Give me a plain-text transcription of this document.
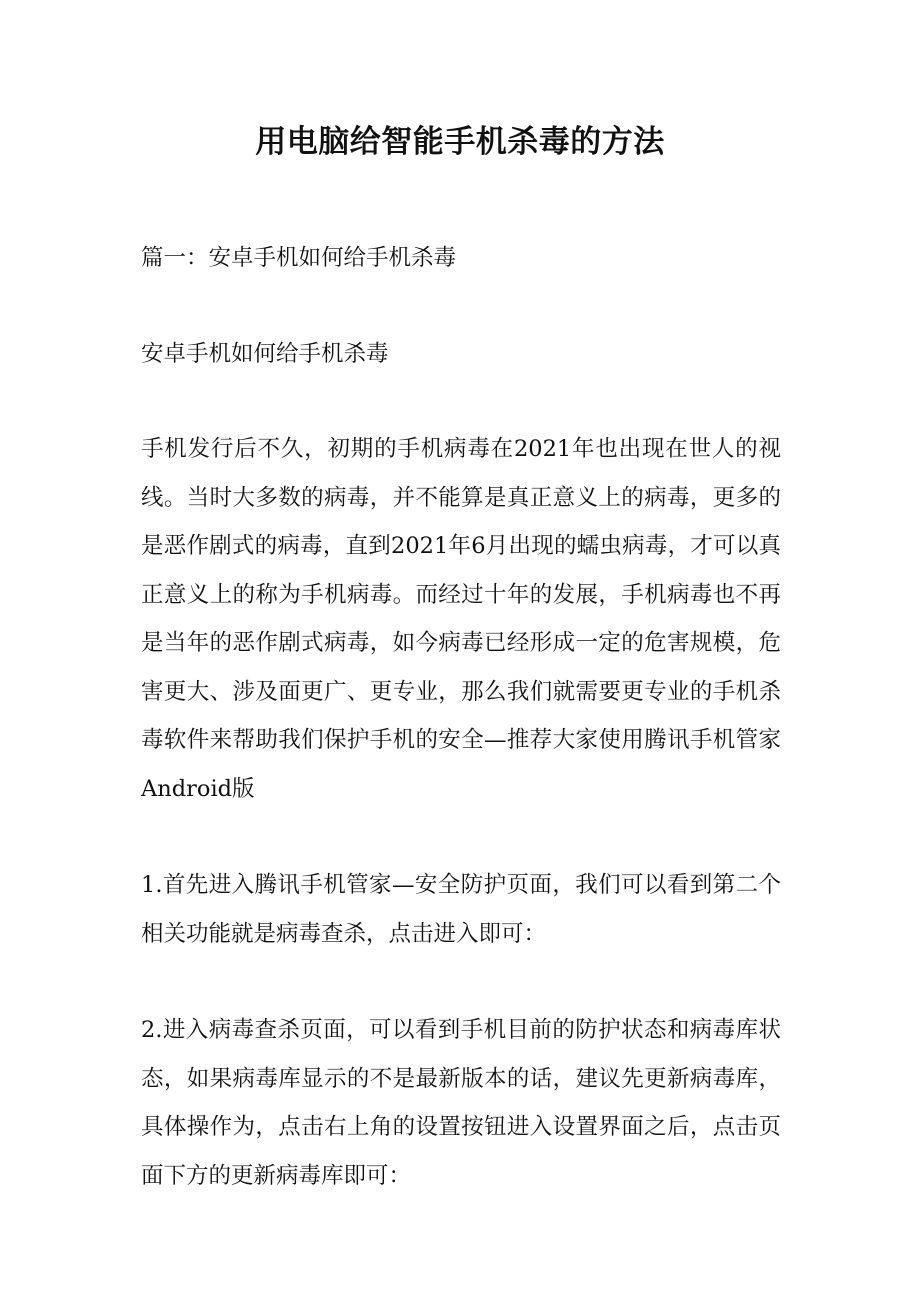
用电脑给智能手机杀毒的方法

篇一：安卓手机如何给手机杀毒

安卓手机如何给手机杀毒

手机发行后不久，初期的手机病毒在2021年也出现在世人的视线。当时大多数的病毒，并不能算是真正意义上的病毒，更多的是恶作剧式的病毒，直到2021年6月出现的蠕虫病毒，才可以真正意义上的称为手机病毒。而经过十年的发展，手机病毒也不再是当年的恶作剧式病毒，如今病毒已经形成一定的危害规模，危害更大、涉及面更广、更专业，那么我们就需要更专业的手机杀毒软件来帮助我们保护手机的安全—推荐大家使用腾讯手机管家Android版

1.首先进入腾讯手机管家—安全防护页面，我们可以看到第二个相关功能就是病毒查杀，点击进入即可：

2.进入病毒查杀页面，可以看到手机目前的防护状态和病毒库状态，如果病毒库显示的不是最新版本的话，建议先更新病毒库，具体操作为，点击右上角的设置按钮进入设置界面之后，点击页面下方的更新病毒库即可：
